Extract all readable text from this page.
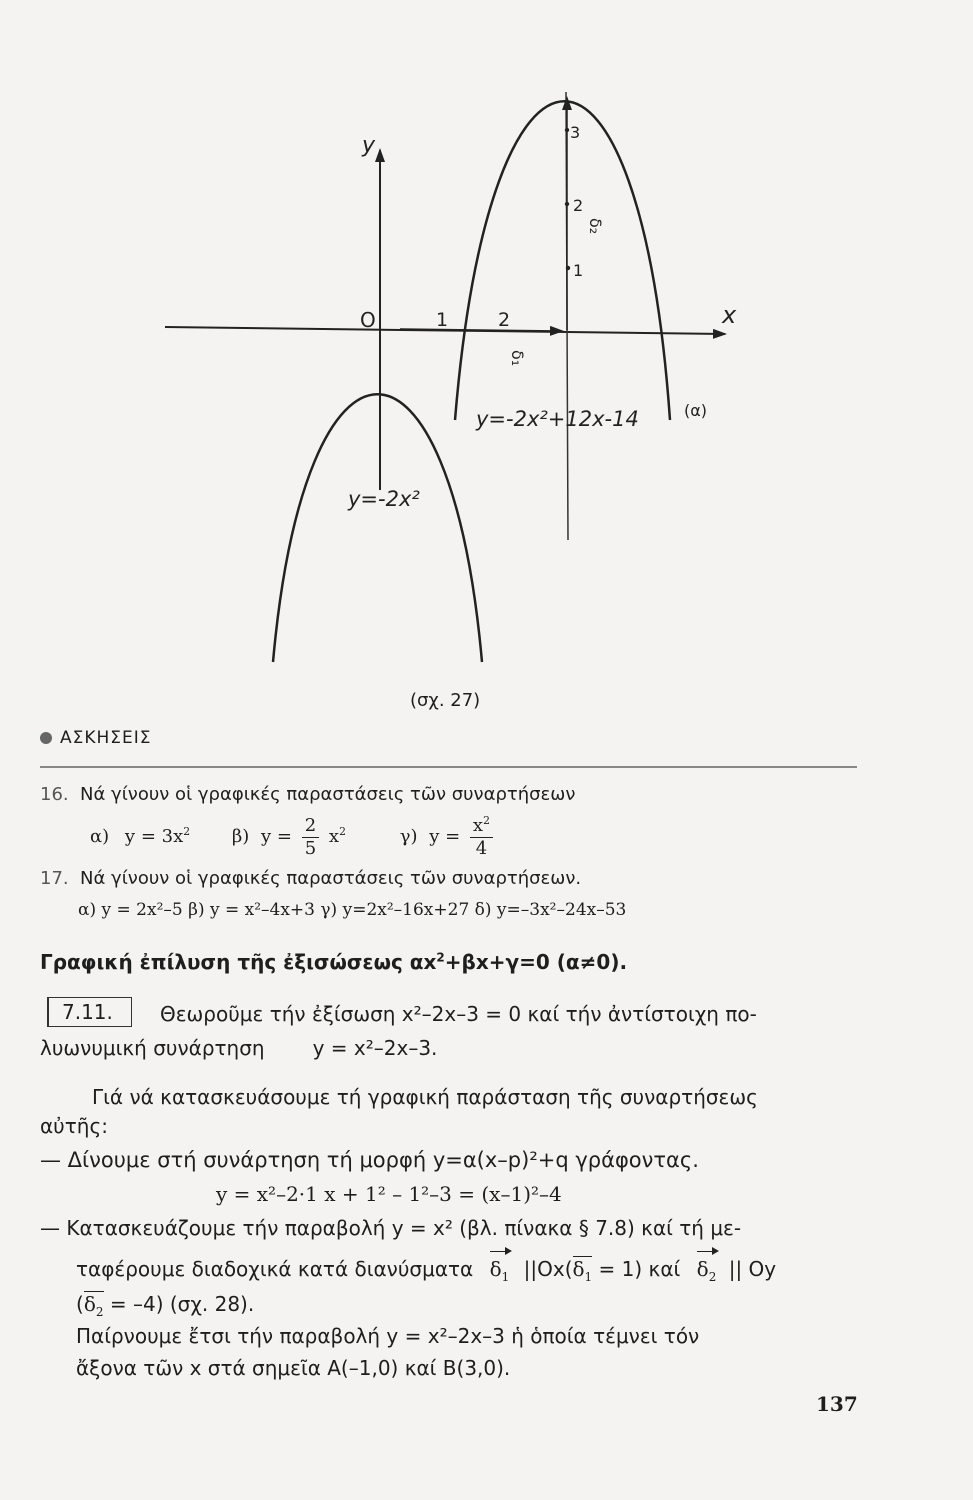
y
x
O	1	2
1
2
3
δ₁
δ₂
y=-2x²+12x-14	(α)
y=-2x²
(σχ. 27)
ΑΣΚΗΣΕΙΣ
16. Νά γίνουν οἱ γραφικές παραστάσεις τῶν συναρτήσεων
α) $y = 3x^2$ β) $y = \frac{2}{5} x^2$	γ) $y = \frac{x^2}{4}$
17. Νά γίνουν οἱ γραφικές παραστάσεις τῶν συναρτήσεων.
α) y = 2x²–5 β) y = x²–4x+3 γ) y=2x²–16x+27 δ) y=–3x²–24x–53
Γραφική ἐπίλυση τῆς ἐξισώσεως $\alpha x^2+\beta x+\gamma=0$ (α≠0).
7.11. Θεωροῦμε τήν ἐξίσωση x²–2x–3 = 0 καί τήν ἀντίστοιχη πο-
λυωνυμική συνάρτηση y = x²–2x–3.
Γιά νά κατασκευάσουμε τή γραφική παράσταση τῆς συναρτήσεως
αὐτῆς:
— Δίνουμε στή συνάρτηση τή μορφή y=α(x–p)²+q γράφοντας.
y = x²–2·1 x + 1² – 1²–3 = (x–1)²–4
— Κατασκευάζουμε τήν παραβολή y = x² (βλ. πίνακα § 7.8) καί τή με-
ταφέρουμε διαδοχικά κατά διανύσματα $\delta_1$ $||Ox(\delta_1 = 1)$ καί $\delta_2$ || Oy
$(\delta_2 = -4)$ (σχ. 28).
Παίρνουμε ἔτσι τήν παραβολή y = x²–2x–3 ἡ ὁποία τέμνει τόν
ἄξονα τῶν x στά σημεῖα Α(–1,0) καί Β(3,0).
137
